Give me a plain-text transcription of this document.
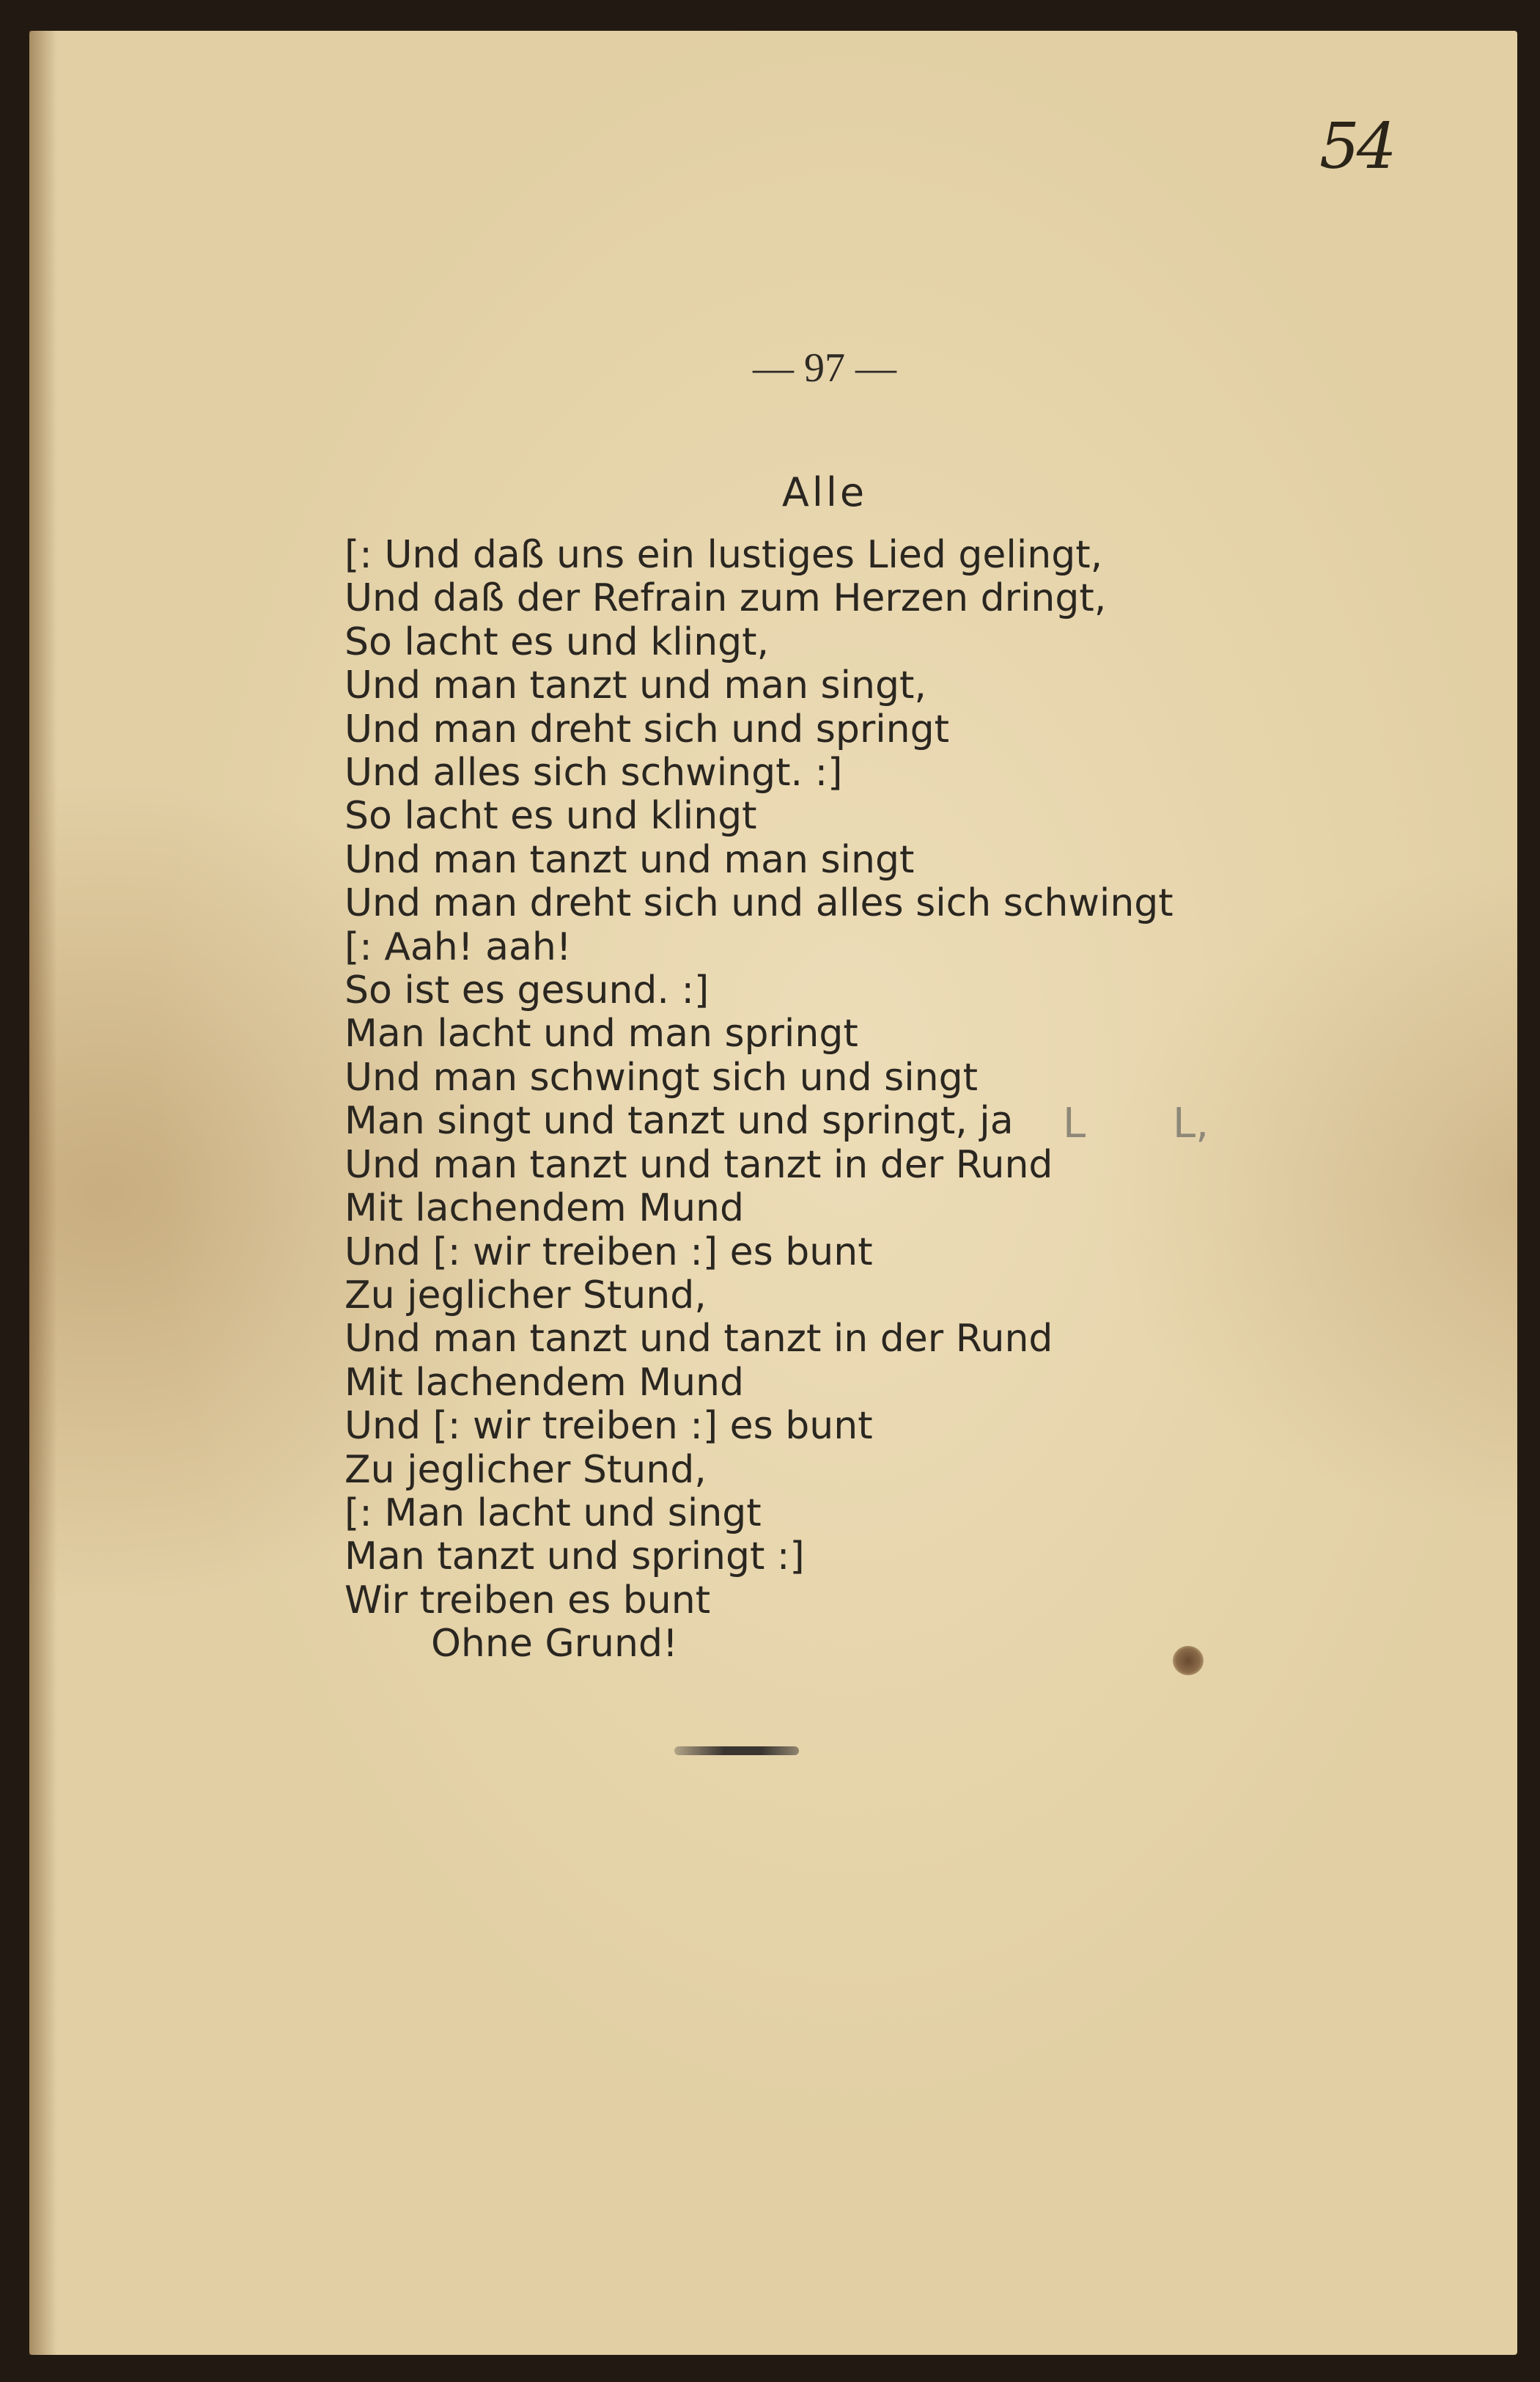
54
— 97 —
Alle
[: Und daß uns ein lustiges Lied gelingt,
Und daß der Refrain zum Herzen dringt,
So lacht es und klingt,
Und man tanzt und man singt,
Und man dreht sich und springt
Und alles sich schwingt. :]
So lacht es und klingt
Und man tanzt und man singt
Und man dreht sich und alles sich schwingt
[: Aah! aah!
So ist es gesund. :]
Man lacht und man springt
Und man schwingt sich und singt
Man singt und tanzt und springt, ja
Und man tanzt und tanzt in der Rund
Mit lachendem Mund
Und [: wir treiben :] es bunt
Zu jeglicher Stund,
Und man tanzt und tanzt in der Rund
Mit lachendem Mund
Und [: wir treiben :] es bunt
Zu jeglicher Stund,
[: Man lacht und singt
Man tanzt und springt :]
Wir treiben es bunt
Ohne Grund!
L L,
